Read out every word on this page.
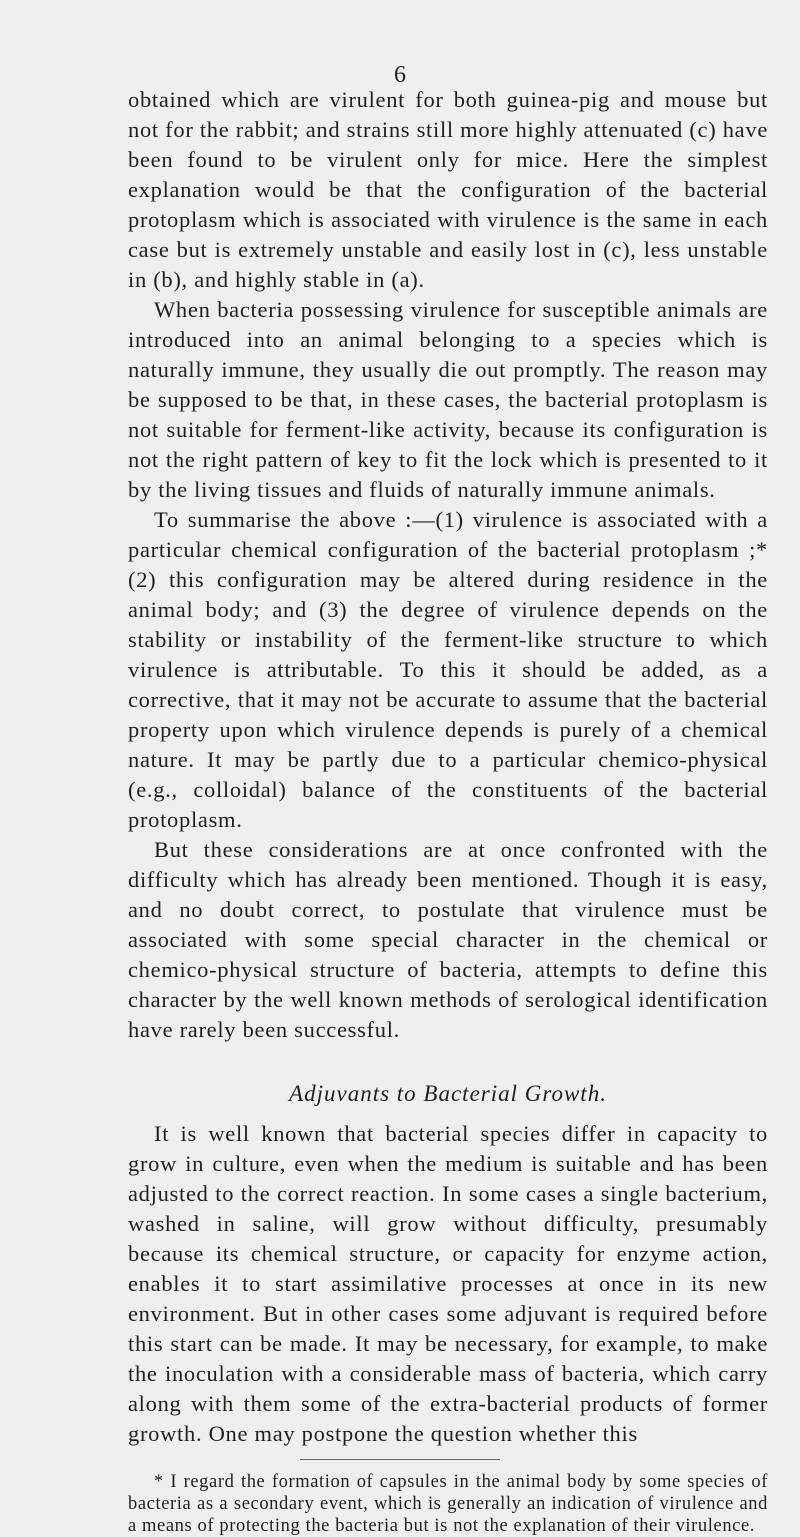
6

obtained which are virulent for both guinea-pig and mouse but not for the rabbit; and strains still more highly attenuated (c) have been found to be virulent only for mice. Here the simplest explanation would be that the configuration of the bacterial protoplasm which is associated with virulence is the same in each case but is extremely unstable and easily lost in (c), less unstable in (b), and highly stable in (a).

When bacteria possessing virulence for susceptible animals are introduced into an animal belonging to a species which is naturally immune, they usually die out promptly. The reason may be supposed to be that, in these cases, the bacterial protoplasm is not suitable for ferment-like activity, because its configuration is not the right pattern of key to fit the lock which is presented to it by the living tissues and fluids of naturally immune animals.

To summarise the above :—(1) virulence is associated with a particular chemical configuration of the bacterial protoplasm ;* (2) this configuration may be altered during residence in the animal body; and (3) the degree of virulence depends on the stability or instability of the ferment-like structure to which virulence is attributable. To this it should be added, as a corrective, that it may not be accurate to assume that the bacterial property upon which virulence depends is purely of a chemical nature. It may be partly due to a particular chemico-physical (e.g., colloidal) balance of the constituents of the bacterial protoplasm.

But these considerations are at once confronted with the difficulty which has already been mentioned. Though it is easy, and no doubt correct, to postulate that virulence must be associated with some special character in the chemical or chemico-physical structure of bacteria, attempts to define this character by the well known methods of serological identification have rarely been successful.

Adjuvants to Bacterial Growth.

It is well known that bacterial species differ in capacity to grow in culture, even when the medium is suitable and has been adjusted to the correct reaction. In some cases a single bacterium, washed in saline, will grow without difficulty, presumably because its chemical structure, or capacity for enzyme action, enables it to start assimilative processes at once in its new environment. But in other cases some adjuvant is required before this start can be made. It may be necessary, for example, to make the inoculation with a considerable mass of bacteria, which carry along with them some of the extra-bacterial products of former growth. One may postpone the question whether this

* I regard the formation of capsules in the animal body by some species of bacteria as a secondary event, which is generally an indication of virulence and a means of protecting the bacteria but is not the explanation of their virulence.
